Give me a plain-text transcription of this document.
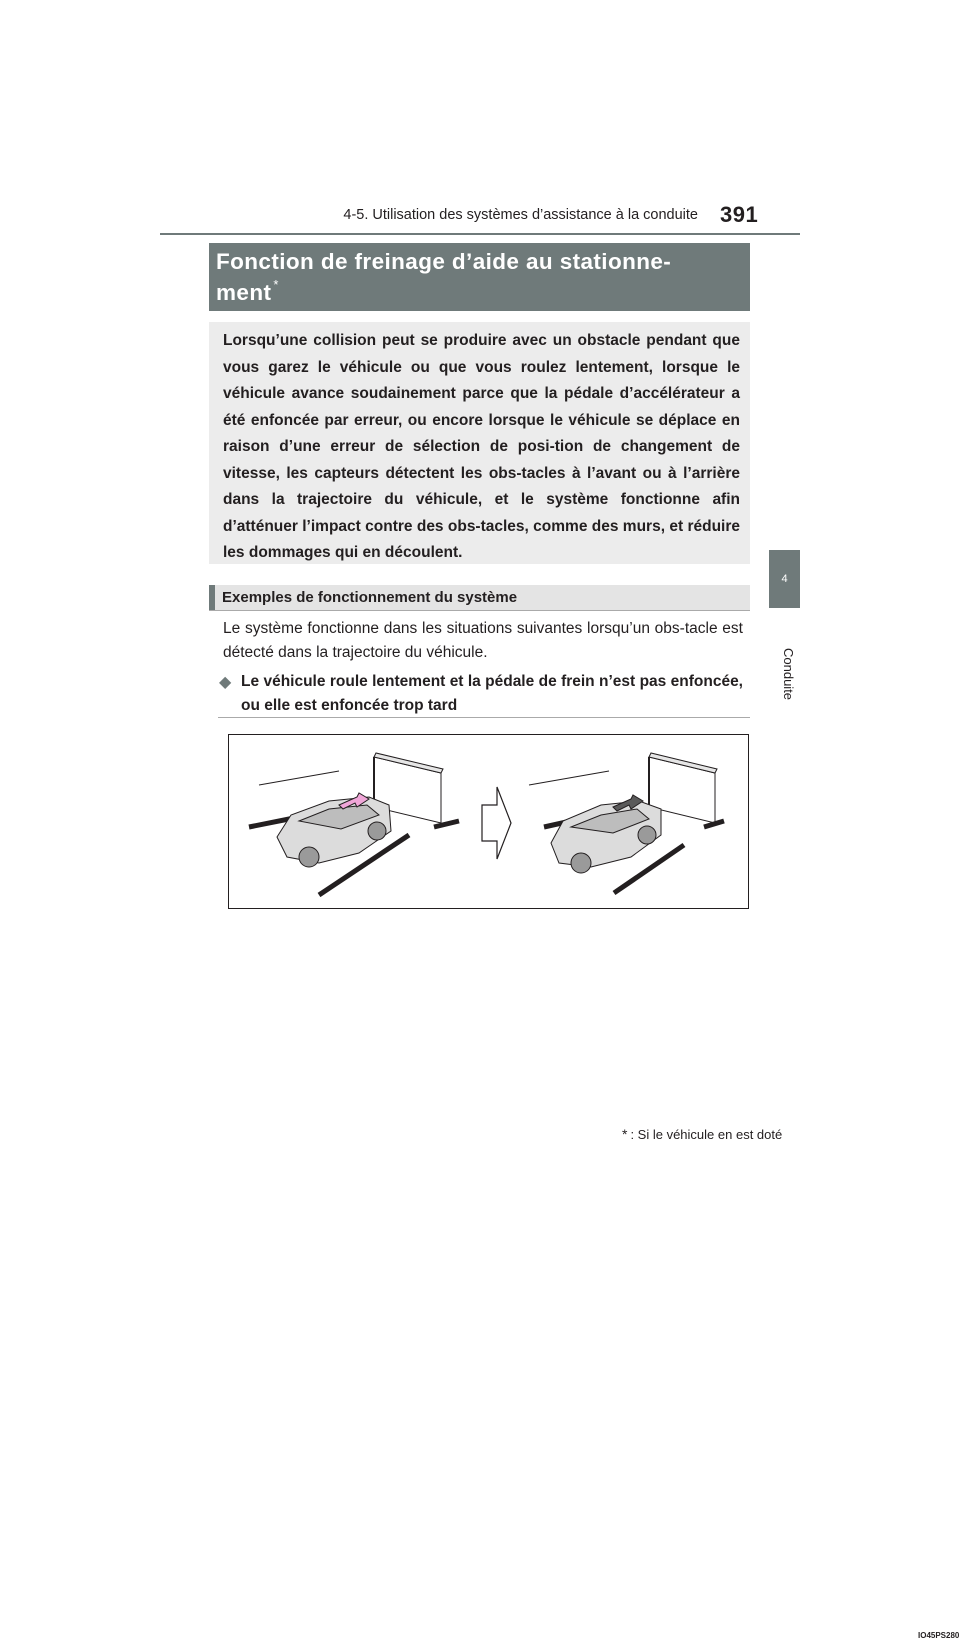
391
4-5. Utilisation des systèmes d’assistance à la conduite
4
Conduite
Fonction de freinage d’aide au stationne-
ment *
Lorsqu’une collision peut se produire avec un obstacle pendant que vous garez le véhicule ou que vous roulez lentement, lorsque le véhicule avance soudainement parce que la pédale d’accélérateur a été enfoncée par erreur, ou encore lorsque le véhicule se déplace en raison d’une erreur de sélection de posi-tion de changement de vitesse, les capteurs détectent les obs-tacles à l’avant ou à l’arrière dans la trajectoire du véhicule, et le système fonctionne afin d’atténuer l’impact contre des obs-tacles, comme des murs, et réduire les dommages qui en découlent.
Exemples de fonctionnement du système
Le système fonctionne dans les situations suivantes lorsqu’un obs-tacle est détecté dans la trajectoire du véhicule.
◆ Le véhicule roule lentement et la pédale de frein n’est pas enfoncée, ou elle est enfoncée trop tard
IO45PS280
* : Si le véhicule en est doté
